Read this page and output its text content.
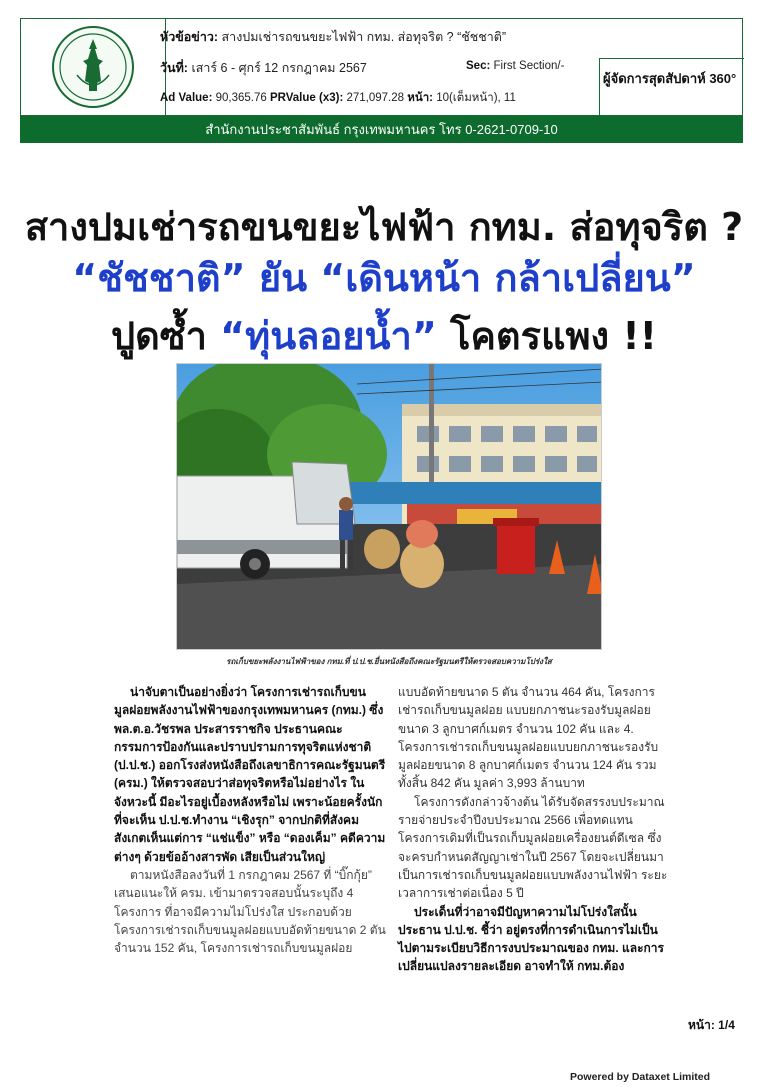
ผู้จัดการสุดสัปดาห์ 360°
หัวข้อข่าว: สางปมเช่ารถขนขยะไฟฟ้า กทม. ส่อทุจริต ? “ชัชชาติ”
วันที่: เสาร์ 6 - ศุกร์ 12 กรกฎาคม 2567	Sec: First Section/-
Ad Value: 90,365.76 PRValue (x3): 271,097.28 หน้า: 10(เต็มหน้า), 11
สำนักงานประชาสัมพันธ์ กรุงเทพมหานคร โทร 0-2621-0709-10
สางปมเช่ารถขนขยะไฟฟ้า กทม. ส่อทุจริต ?
“ชัชชาติ” ยัน “เดินหน้า กล้าเปลี่ยน”
ปูดซ้ำ “ทุ่นลอยน้ำ” โคตรแพง !!
รถเก็บขยะพลังงานไฟฟ้าของ กทม.ที่ ป.ป.ช.ยื่นหนังสือถึงคณะรัฐมนตรีให้ตรวจสอบความโปร่งใส

น่าจับตาเป็นอย่างยิ่งว่า โครงการเช่ารถเก็บขนมูลฝอยพลังงานไฟฟ้าของกรุงเทพมหานคร (กทม.) ซึ่ง พล.ต.อ.วัชรพล ประสารราชกิจ ประธานคณะกรรมการป้องกันและปราบปรามการทุจริตแห่งชาติ (ป.ป.ช.) ออกโรงส่งหนังสือถึงเลขาธิการคณะรัฐมนตรี (ครม.) ให้ตรวจสอบว่าส่อทุจริตหรือไม่อย่างไร ในจังหวะนี้ มีอะไรอยู่เบื้องหลังหรือไม่ เพราะน้อยครั้งนักที่จะเห็น ป.ป.ช.ทำงาน “เชิงรุก” จากปกติที่สังคมสังเกตเห็นแต่การ “แช่แข็ง” หรือ “ดองเค็ม” คดีความต่างๆ ด้วยข้ออ้างสารพัด เสียเป็นส่วนใหญ่

ตามหนังสือลงวันที่ 1 กรกฎาคม 2567 ที่ “บิ๊กกุ้ย” เสนอแนะให้ ครม. เข้ามาตรวจสอบนั้นระบุถึง 4 โครงการ ที่อาจมีความไม่โปร่งใส ประกอบด้วย โครงการเช่ารถเก็บขนมูลฝอยแบบอัดท้ายขนาด 2 ตัน จำนวน 152 คัน, โครงการเช่ารถเก็บขนมูลฝอย

แบบอัดท้ายขนาด 5 ตัน จำนวน 464 คัน, โครงการเช่ารถเก็บขนมูลฝอย แบบยกภาชนะรองรับมูลฝอยขนาด 3 ลูกบาศก์เมตร จำนวน 102 คัน และ 4. โครงการเช่ารถเก็บขนมูลฝอยแบบยกภาชนะรองรับมูลฝอยขนาด 8 ลูกบาศก์เมตร จำนวน 124 คัน รวมทั้งสิ้น 842 คัน มูลค่า 3,993 ล้านบาท

โครงการดังกล่าวจ้างต้น ได้รับจัดสรรงบประมาณรายจ่ายประจำปีงบประมาณ 2566 เพื่อทดแทนโครงการเดิมที่เป็นรถเก็บมูลฝอยเครื่องยนต์ดีเซล ซึ่งจะครบกำหนดสัญญาเช่าในปี 2567 โดยจะเปลี่ยนมาเป็นการเช่ารถเก็บขนมูลฝอยแบบพลังงานไฟฟ้า ระยะเวลาการเช่าต่อเนื่อง 5 ปี

ประเด็นที่ว่าอาจมีปัญหาความไม่โปร่งใสนั้น ประธาน ป.ป.ช. ชี้ว่า อยู่ตรงที่การดำเนินการไม่เป็นไปตามระเบียบวิธีการงบประมาณของ กทม. และการเปลี่ยนแปลงรายละเอียด อาจทำให้ กทม.ต้อง

หน้า: 1/4
Powered by Dataxet Limited
